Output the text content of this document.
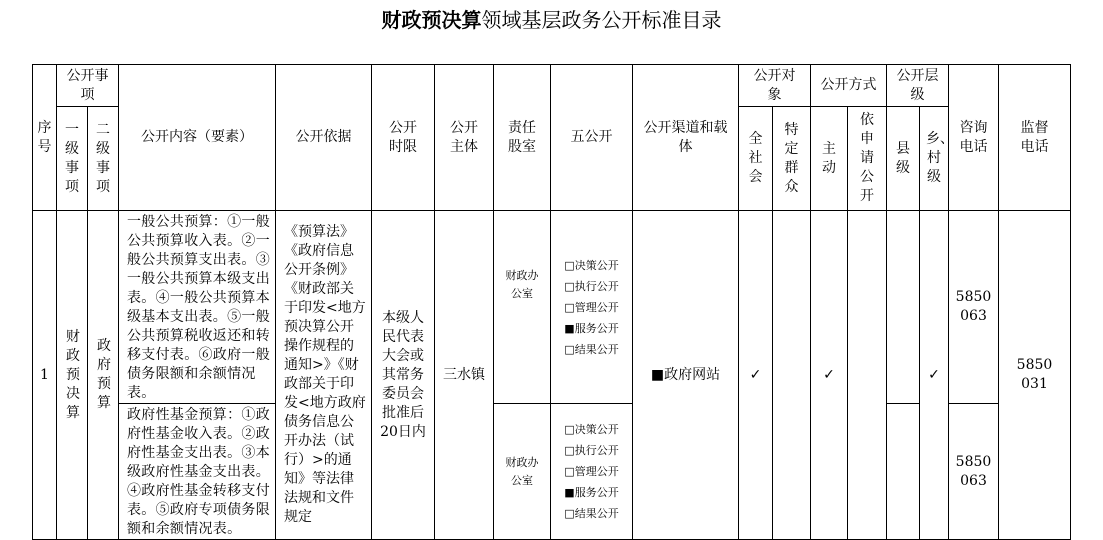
财政预决算领域基层政务公开标准目录
序号	公开事项		公开内容（要素）	公开依据	公开时限	公开主体	责任股室	五公开	公开渠道和载体	公开对象		公开方式		公开层级		咨询电话	监督电话
	一级事项	二级事项								全社会	特定群众	主动	依申请公开	县级	乡、村级		
1	财政预决算	政府预算	一般公共预算：①一般公共预算收入表。②一般公共预算支出表。③一般公共预算本级支出表。④一般公共预算本级基本支出表。⑤一般公共预算税收返还和转移支付表。⑥政府一般债务限额和余额情况表。	《预算法》《政府信息公开条例》《财政部关于印发<地方预决算公开操作规程的通知>》《财政部关于印发<地方政府债务信息公开办法（试行）>的通知》等法律法规和文件规定	本级人民代表大会或其常务委员会批准后20日内	三水镇	财政办公室	□决策公开
□执行公开
□管理公开
■服务公开
□结果公开	■政府网站	✓		✓			✓	5850063	5850031
			政府性基金预算：①政府性基金收入表。②政府性基金支出表。③本级政府性基金支出表。④政府性基金转移支付表。⑤政府专项债务限额和余额情况表。				财政办公室	□决策公开
□执行公开
□管理公开
■服务公开
□结果公开								5850063	
